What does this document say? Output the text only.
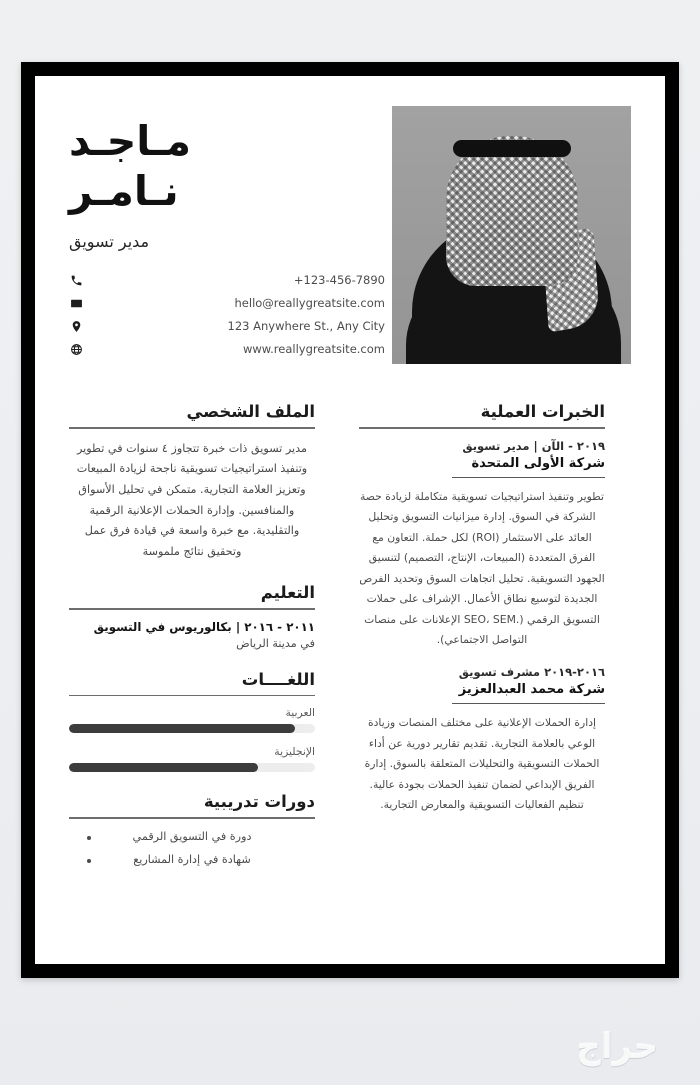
مـاجـد
نـامـر
مدير تسويق
+123-456-7890
hello@reallygreatsite.com
123 Anywhere St., Any City
www.reallygreatsite.com
الملف الشخصي

مدير تسويق ذات خبرة تتجاوز ٤ سنوات في تطوير وتنفيذ استراتيجيات تسويقية ناجحة لزيادة المبيعات وتعزيز العلامة التجارية. متمكن في تحليل الأسواق والمنافسين. وإدارة الحملات الإعلانية الرقمية والتقليدية. مع خبرة واسعة في قيادة فرق عمل وتحقيق نتائج ملموسة

التعليم
٢٠١١ - ٢٠١٦ | بكالوريوس في التسويق
في مدينة الرياض
اللغــــات
العربية
الإنجليزية
دورات تدريبية
دورة في التسويق الرقمي
شهادة في إدارة المشاريع
الخبرات العملية
٢٠١٩ - الآن | مدير تسويق
شركة الأولى المتحدة

تطوير وتنفيذ استراتيجيات تسويقية متكاملة لزيادة حصة الشركة في السوق. إدارة ميزانيات التسويق وتحليل العائد على الاستثمار (ROI) لكل حملة. التعاون مع الفرق المتعددة (المبيعات، الإنتاج، التصميم) لتنسيق الجهود التسويقية. تحليل اتجاهات السوق وتحديد الفرص الجديدة لتوسيع نطاق الأعمال. الإشراف على حملات التسويق الرقمي (.SEO، SEM الإعلانات على منصات التواصل الاجتماعي).

٢٠١٦-٢٠١٩ مشرف تسويق
شركة محمد العبدالعزيز

إدارة الحملات الإعلانية على مختلف المنصات وزيادة الوعي بالعلامة التجارية. تقديم تقارير دورية عن أداء الحملات التسويقية والتحليلات المتعلقة بالسوق. إدارة الفريق الإبداعي لضمان تنفيذ الحملات بجودة عالية. تنظيم الفعاليات التسويقية والمعارض التجارية.

حراج
